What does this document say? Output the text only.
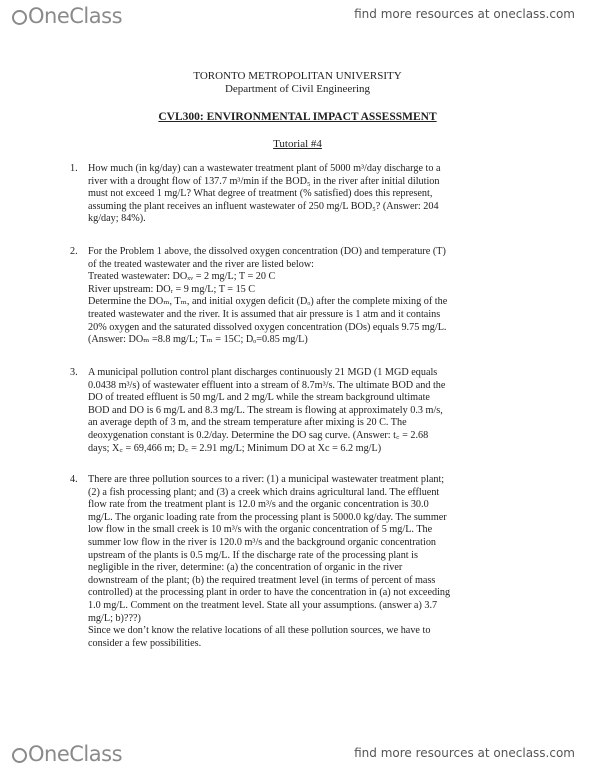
OneClass	find more resources at oneclass.com
TORONTO METROPOLITAN UNIVERSITY
Department of Civil Engineering
CVL300: ENVIRONMENTAL IMPACT ASSESSMENT
Tutorial #4
1. How much (in kg/day) can a wastewater treatment plant of 5000 m³/day discharge to a
river with a drought flow of 137.7 m³/min if the BOD₅ in the river after initial dilution
must not exceed 1 mg/L? What degree of treatment (% satisfied) does this represent,
assuming the plant receives an influent wastewater of 250 mg/L BOD₅? (Answer: 204
kg/day; 84%).
2. For the Problem 1 above, the dissolved oxygen concentration (DO) and temperature (T)
of the treated wastewater and the river are listed below:
Treated wastewater: DOₓᵥ = 2 mg/L; T = 20 C
River upstream: DOᵣ = 9 mg/L; T = 15 C
Determine the DOₘ, Tₘ, and initial oxygen deficit (Dₒ) after the complete mixing of the
treated wastewater and the river. It is assumed that air pressure is 1 atm and it contains
20% oxygen and the saturated dissolved oxygen concentration (DOs) equals 9.75 mg/L.
(Answer: DOₘ =8.8 mg/L; Tₘ = 15C; Dₒ=0.85 mg/L)
3. A municipal pollution control plant discharges continuously 21 MGD (1 MGD equals
0.0438 m³/s) of wastewater effluent into a stream of 8.7m³/s. The ultimate BOD and the
DO of treated effluent is 50 mg/L and 2 mg/L while the stream background ultimate
BOD and DO is 6 mg/L and 8.3 mg/L. The stream is flowing at approximately 0.3 m/s,
an average depth of 3 m, and the stream temperature after mixing is 20 C. The
deoxygenation constant is 0.2/day. Determine the DO sag curve. (Answer: t꜀ = 2.68
days; X꜀ = 69,466 m; D꜀ = 2.91 mg/L; Minimum DO at Xc = 6.2 mg/L)
4. There are three pollution sources to a river: (1) a municipal wastewater treatment plant;
(2) a fish processing plant; and (3) a creek which drains agricultural land. The effluent
flow rate from the treatment plant is 12.0 m³/s and the organic concentration is 30.0
mg/L. The organic loading rate from the processing plant is 5000.0 kg/day. The summer
low flow in the small creek is 10 m³/s with the organic concentration of 5 mg/L. The
summer low flow in the river is 120.0 m³/s and the background organic concentration
upstream of the plants is 0.5 mg/L. If the discharge rate of the processing plant is
negligible in the river, determine: (a) the concentration of organic in the river
downstream of the plant; (b) the required treatment level (in terms of percent of mass
controlled) at the processing plant in order to have the concentration in (a) not exceeding
1.0 mg/L. Comment on the treatment level. State all your assumptions. (answer a) 3.7
mg/L; b)???)
Since we don’t know the relative locations of all these pollution sources, we have to
consider a few possibilities.
OneClass	find more resources at oneclass.com
